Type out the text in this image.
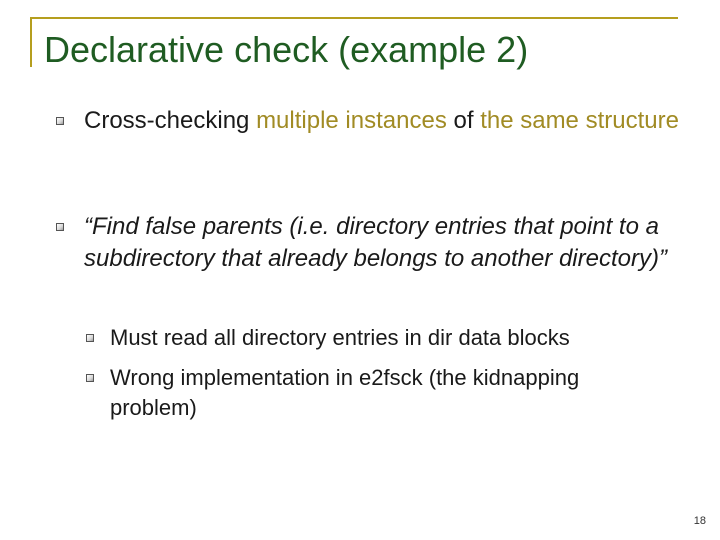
Declarative check (example 2)
Cross-checking multiple instances of the same structure
“Find false parents (i.e. directory entries that point to a subdirectory that already belongs to another directory)”
Must read all directory entries in dir data blocks
Wrong implementation in e2fsck (the kidnapping problem)
18
